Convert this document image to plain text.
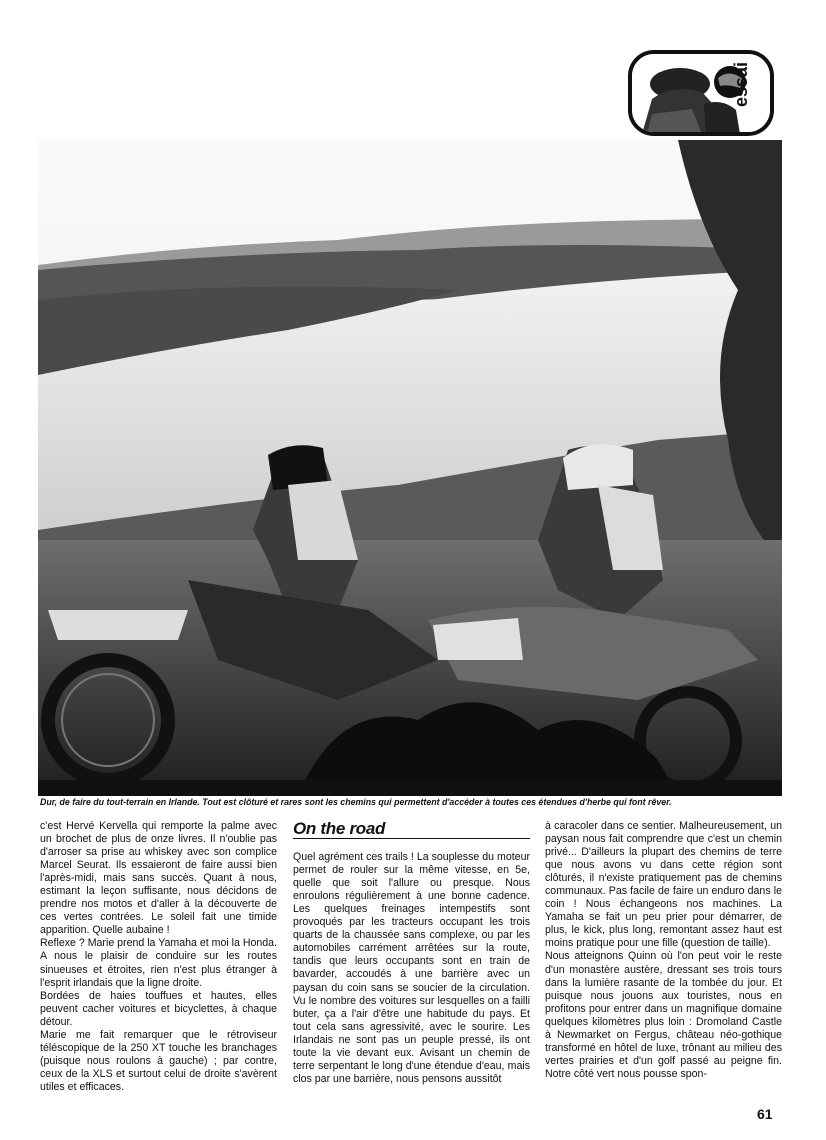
essai
Dur, de faire du tout-terrain en Irlande. Tout est clôturé et rares sont les chemins qui permettent d'accéder à toutes ces étendues d'herbe qui font rêver.

c'est Hervé Kervella qui remporte la palme avec un brochet de plus de onze livres. Il n'oublie pas d'arroser sa prise au whiskey avec son complice Marcel Seurat. Ils essaieront de faire aussi bien l'après-midi, mais sans succès. Quant à nous, estimant la leçon suffisante, nous décidons de prendre nos motos et d'aller à la découverte de ces vertes contrées. Le soleil fait une timide apparition. Quelle aubaine !

Reflexe ? Marie prend la Yamaha et moi la Honda. A nous le plaisir de conduire sur les routes sinueuses et étroites, rien n'est plus étranger à l'esprit irlandais que la ligne droite.

Bordées de haies touffues et hautes, elles peuvent cacher voitures et bicyclettes, à chaque détour.

Marie me fait remarquer que le rétroviseur téléscopique de la 250 XT touche les branchages (puisque nous roulons à gauche) ; par contre, ceux de la XLS et surtout celui de droite s'avèrent utiles et efficaces.

On the road

Quel agrément ces trails ! La souplesse du moteur permet de rouler sur la même vitesse, en 5e, quelle que soit l'allure ou presque. Nous enroulons régulièrement à une bonne cadence. Les quelques freinages intempestifs sont provoqués par les tracteurs occupant les trois quarts de la chaussée sans complexe, ou par les automobiles carrément arrêtées sur la route, tandis que leurs occupants sont en train de bavarder, accoudés à une barrière avec un paysan du coin sans se soucier de la circulation. Vu le nombre des voitures sur lesquelles on a failli buter, ça a l'air d'être une habitude du pays. Et tout cela sans agressivité, avec le sourire. Les Irlandais ne sont pas un peuple pressé, ils ont toute la vie devant eux. Avisant un chemin de terre serpentant le long d'une étendue d'eau, mais clos par une barrière, nous pensons aussitôt

à caracoler dans ce sentier. Malheureusement, un paysan nous fait comprendre que c'est un chemin privé... D'ailleurs la plupart des chemins de terre que nous avons vu dans cette région sont clôturés, il n'existe pratiquement pas de chemins communaux. Pas facile de faire un enduro dans le coin ! Nous échangeons nos machines. La Yamaha se fait un peu prier pour démarrer, de plus, le kick, plus long, remontant assez haut est moins pratique pour une fille (question de taille).

Nous atteignons Quinn où l'on peut voir le reste d'un monastère austère, dressant ses trois tours dans la lumière rasante de la tombée du jour. Et puisque nous jouons aux touristes, nous en profitons pour entrer dans un magnifique domaine quelques kilomètres plus loin : Dromoland Castle à Newmarket on Fergus, château néo-gothique transformé en hôtel de luxe, trônant au milieu des vertes prairies et d'un golf passé au peigne fin. Notre côté vert nous pousse spon-

61
